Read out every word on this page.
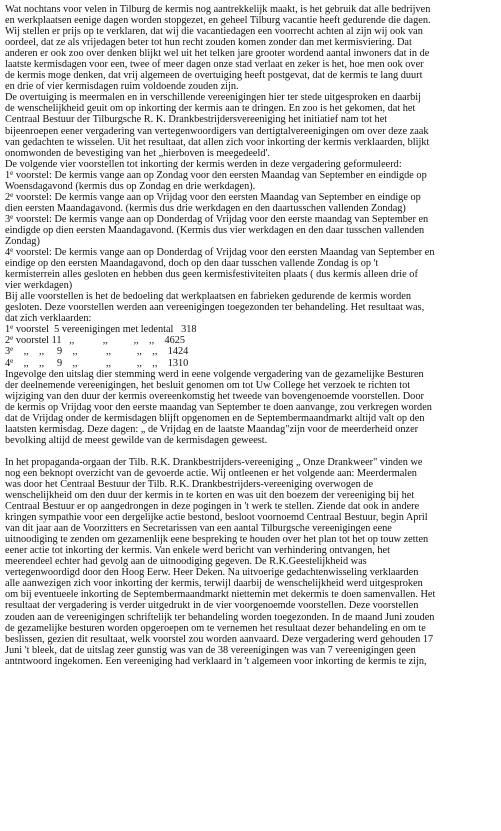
Wat nochtans voor velen in Tilburg de kermis nog aantrekkelijk maakt, is het gebruik dat alle bedrijven
en werkplaatsen eenige dagen worden stopgezet, en geheel Tilburg vacantie heeft gedurende die dagen.
Wij stellen er prijs op te verklaren, dat wij die vacantiedagen een voorrecht achten al zijn wij ook van
oordeel, dat ze als vrijedagen beter tot hun recht zouden komen zonder dan met kermisviering. Dat
anderen er ook zoo over denken blijkt wel uit het telken jare grooter wordend aantal inwoners dat in de
laatste kermisdagen voor een, twee of meer dagen onze stad verlaat en zeker is het, hoe men ook over
de kermis moge denken, dat vrij algemeen de overtuiging heeft postgevat, dat de kermis te lang duurt
en drie of vier kermisdagen ruim voldoende zouden zijn.
De overtuiging is meermalen en in verschillende vereenigingen hier ter stede uitgesproken en daarbij
de wenschelijkheid geuit om op inkorting der kermis aan te dringen. En zoo is het gekomen, dat het
Centraal Bestuur der Tilburgsche R. K. Drankbestrijdersvereeniging het initiatief nam tot het
bijeenroepen eener vergadering van vertegenwoordigers van dertigtalvereenigingen om over deze zaak
van gedachten te wisselen. Uit het resultaat, dat allen zich voor inkorting der kermis verklaarden, blijkt
onomwonden de bevestiging van het „hierboven is meegedeeld'.
De volgende vier voorstellen tot inkorting der kermis werden in deze vergadering geformuleerd:
1e voorstel: De kermis vange aan op Zondag voor den eersten Maandag van September en eindigde op
Woensdagavond (kermis dus op Zondag en drie werkdagen).
2e voorstel: De kermis vange aan op Vrijdag voor den eersten Maandag van September en eindige op
dien eersten Maandagavond. (kermis dus drie werkdagen en den daartusschen vallenden Zondag)
3e voorstel: De kermis vange aan op Donderdag of Vrijdag voor den eerste maandag van September en
eindigde op dien eersten Maandagavond. (Kermis dus vier werkdagen en den daar tusschen vallenden
Zondag)
4e voorstel: De kermis vange aan op Donderdag of Vrijdag voor den eersten Maandag van September en
eindige op den eersten Maandagavond, doch op den daar tusschen vallende Zondag is op 't
kermisterrein alles gesloten en hebben dus geen kermisfestiviteiten plaats ( dus kermis alleen drie of
vier werkdagen)
Bij alle voorstellen is het de bedoeling dat werkplaatsen en fabrieken gedurende de kermis worden
gesloten. Deze voorstellen werden aan vereenigingen toegezonden ter behandeling. Het resultaat was,
dat zich verklaarden:
1e voorstel  5 vereenigingen met ledental   318
2e voorstel 11   ,,           ,,          ,,    ,,    4625
3e    ,,    ,,     9    ,,           ,,          ,,    ,,    1424
4e    ,,    ,,     9    ,,           ,,          ,,    ,,    1310
Ingevolge den uitslag dier stemming werd in eene volgende vergadering van de gezamelijke Besturen
der deelnemende vereenigingen, het besluit genomen om tot Uw College het verzoek te richten tot
wijziging van den duur der kermis overeenkomstig het tweede van bovengenoemde voorstellen. Door
de kermis op Vrijdag voor den eerste maandag van September te doen aanvange, zou verkregen worden
dat de Vrijdag onder de kermisdagen blijft opgenomen en de Septembermaandmarkt altijd valt op den
laatsten kermisdag. Deze dagen: „ de Vrijdag en de laatste Maandag"zijn voor de meerderheid onzer
bevolking altijd de meest gewilde van de kermisdagen geweest.
In het propaganda-orgaan der Tilb. R.K. Drankbestrijders-vereeniging „ Onze Drankweer" vinden we
nog een beknopt overzicht van de gevoerde actie. Wij ontleenen er het volgende aan: Meerdermalen
was door het Centraal Bestuur der Tilb. R.K. Drankbestrijders-vereeniging overwogen de
wenschelijkheid om den duur der kermis in te korten en was uit den boezem der vereeniging bij het
Centraal Bestuur er op aangedrongen in deze pogingen in 't werk te stellen. Ziende dat ook in andere
kringen sympathie voor een dergelijke actie bestond, besloot voornoemd Centraal Bestuur, begin April
van dit jaar aan de Voorzitters en Secretarissen van een aantal Tilburgsche vereenigingen eene
uitnoodiging te zenden om gezamenlijk eene bespreking te houden over het plan tot het op touw zetten
eener actie tot inkorting der kermis. Van enkele werd bericht van verhindering ontvangen, het
meerendeel echter had gevolg aan de uitnoodiging gegeven. De R.K.Geestelijkheid was
vertegenwoordigd door den Hoog Eerw. Heer Deken. Na uitvoerige gedachtenwisseling verklaarden
alle aanwezigen zich voor inkorting der kermis, terwijl daarbij de wenschelijkheid werd uitgesproken
om bij eventueele inkorting de Septembermaandmarkt niettemin met dekermis te doen samenvallen. Het
resultaat der vergadering is verder uitgedrukt in de vier voorgenoemde voorstellen. Deze voorstellen
zouden aan de vereenigingen schriftelijk ter behandeling worden toegezonden. In de maand Juni zouden
de gezamelijke besturen worden opgeroepen om te vernemen het resultaat dezer behandeling en om te
beslissen, gezien dit resultaat, welk voorstel zou worden aanvaard. Deze vergadering werd gehouden 17
Juni 't bleek, dat de uitslag zeer gunstig was van de 38 vereenigingen was van 7 vereenigingen geen
antntwoord ingekomen. Een vereeniging had verklaard in 't algemeen voor inkorting de kermis te zijn,
